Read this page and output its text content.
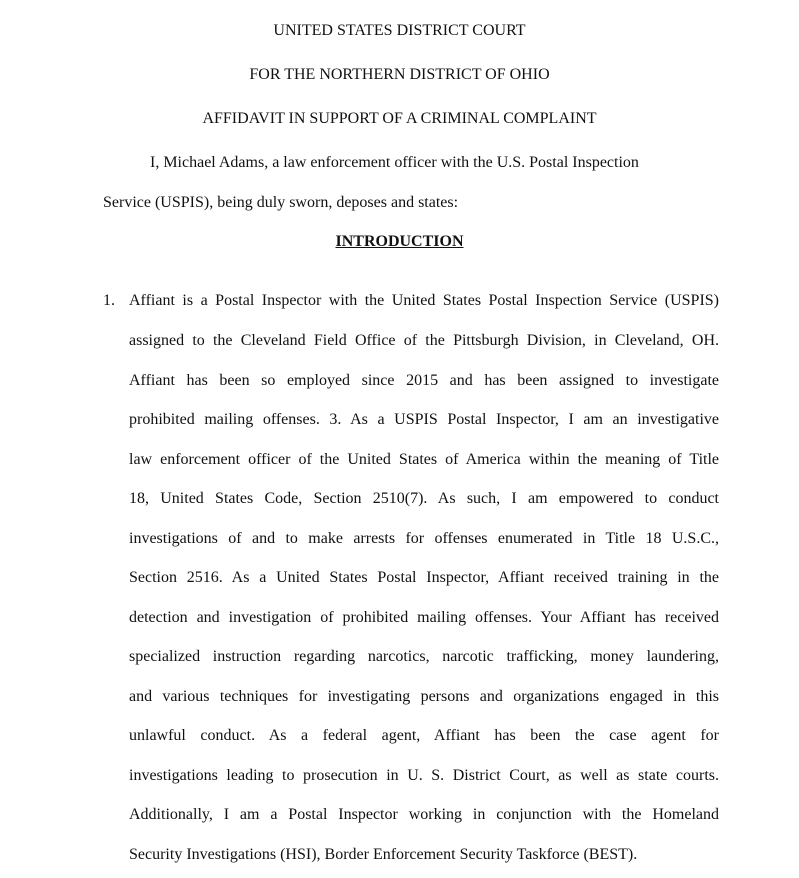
UNITED STATES DISTRICT COURT
FOR THE NORTHERN DISTRICT OF OHIO
AFFIDAVIT IN SUPPORT OF A CRIMINAL COMPLAINT
I, Michael Adams, a law enforcement officer with the U.S. Postal Inspection
Service (USPIS), being duly sworn, deposes and states:
INTRODUCTION
1. Affiant is a Postal Inspector with the United States Postal Inspection Service (USPIS)
assigned to the Cleveland Field Office of the Pittsburgh Division, in Cleveland, OH.
Affiant has been so employed since 2015 and has been assigned to investigate
prohibited mailing offenses. 3. As a USPIS Postal Inspector, I am an investigative
law enforcement officer of the United States of America within the meaning of Title
18, United States Code, Section 2510(7). As such, I am empowered to conduct
investigations of and to make arrests for offenses enumerated in Title 18 U.S.C.,
Section 2516. As a United States Postal Inspector, Affiant received training in the
detection and investigation of prohibited mailing offenses. Your Affiant has received
specialized instruction regarding narcotics, narcotic trafficking, money laundering,
and various techniques for investigating persons and organizations engaged in this
unlawful conduct. As a federal agent, Affiant has been the case agent for
investigations leading to prosecution in U. S. District Court, as well as state courts.
Additionally, I am a Postal Inspector working in conjunction with the Homeland
Security Investigations (HSI), Border Enforcement Security Taskforce (BEST).
